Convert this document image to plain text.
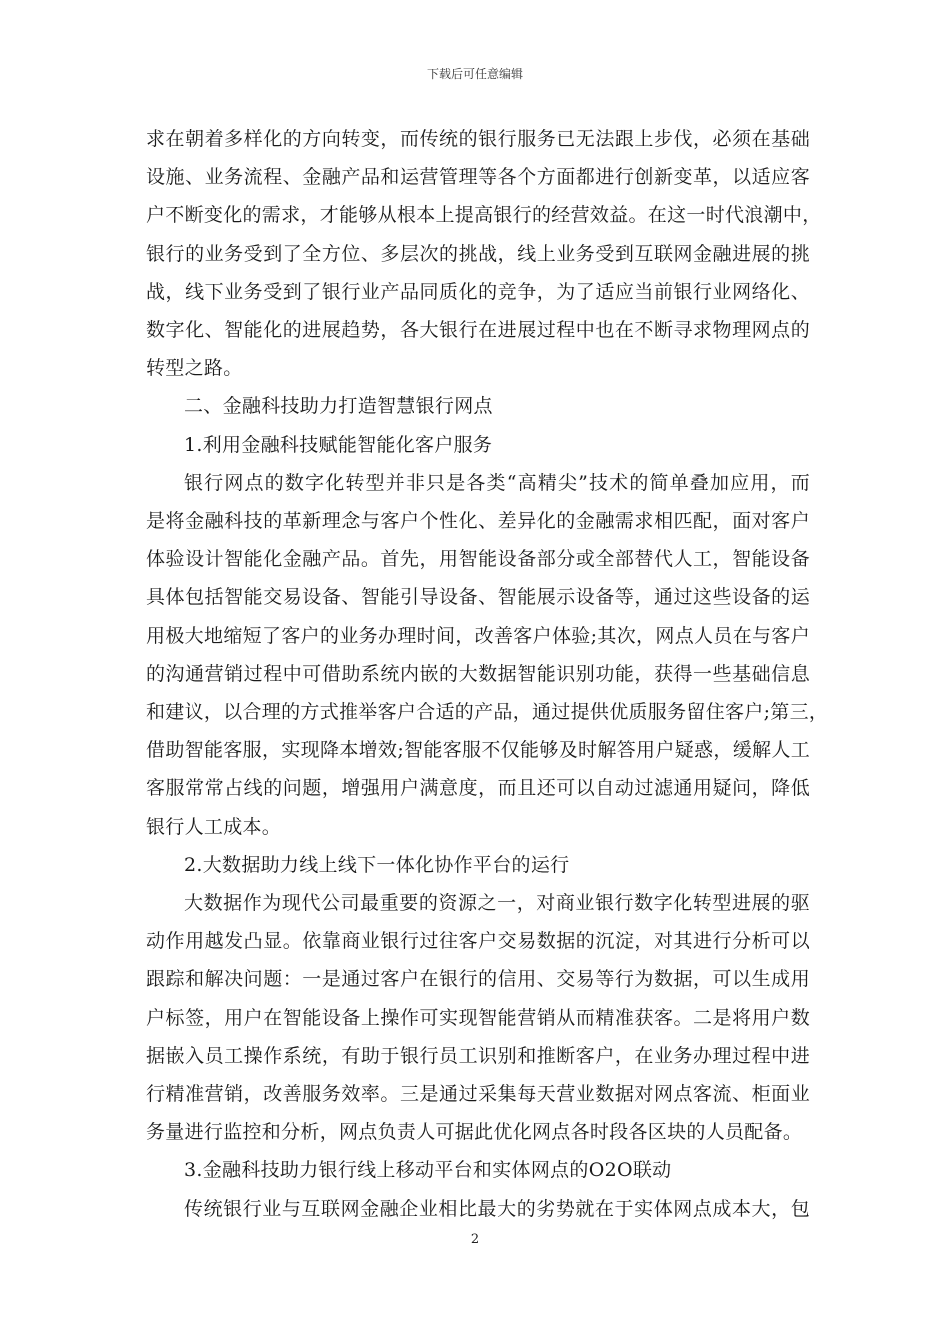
下载后可任意编辑

求在朝着多样化的方向转变，而传统的银行服务已无法跟上步伐，必须在基础

设施、业务流程、金融产品和运营管理等各个方面都进行创新变革，以适应客

户不断变化的需求，才能够从根本上提高银行的经营效益。在这一时代浪潮中，

银行的业务受到了全方位、多层次的挑战，线上业务受到互联网金融进展的挑

战，线下业务受到了银行业产品同质化的竞争，为了适应当前银行业网络化、

数字化、智能化的进展趋势，各大银行在进展过程中也在不断寻求物理网点的

转型之路。

二、金融科技助力打造智慧银行网点

1.利用金融科技赋能智能化客户服务

银行网点的数字化转型并非只是各类“高精尖”技术的简单叠加应用，而

是将金融科技的革新理念与客户个性化、差异化的金融需求相匹配，面对客户

体验设计智能化金融产品。首先，用智能设备部分或全部替代人工，智能设备

具体包括智能交易设备、智能引导设备、智能展示设备等，通过这些设备的运

用极大地缩短了客户的业务办理时间，改善客户体验;其次，网点人员在与客户

的沟通营销过程中可借助系统内嵌的大数据智能识别功能，获得一些基础信息

和建议，以合理的方式推举客户合适的产品，通过提供优质服务留住客户;第三，

借助智能客服，实现降本增效;智能客服不仅能够及时解答用户疑惑，缓解人工

客服常常占线的问题，增强用户满意度，而且还可以自动过滤通用疑问，降低

银行人工成本。

2.大数据助力线上线下一体化协作平台的运行

大数据作为现代公司最重要的资源之一，对商业银行数字化转型进展的驱

动作用越发凸显。依靠商业银行过往客户交易数据的沉淀，对其进行分析可以

跟踪和解决问题：一是通过客户在银行的信用、交易等行为数据，可以生成用

户标签，用户在智能设备上操作可实现智能营销从而精准获客。二是将用户数

据嵌入员工操作系统，有助于银行员工识别和推断客户，在业务办理过程中进

行精准营销，改善服务效率。三是通过采集每天营业数据对网点客流、柜面业

务量进行监控和分析，网点负责人可据此优化网点各时段各区块的人员配备。

3.金融科技助力银行线上移动平台和实体网点的O2O联动

传统银行业与互联网金融企业相比最大的劣势就在于实体网点成本大，包

2
